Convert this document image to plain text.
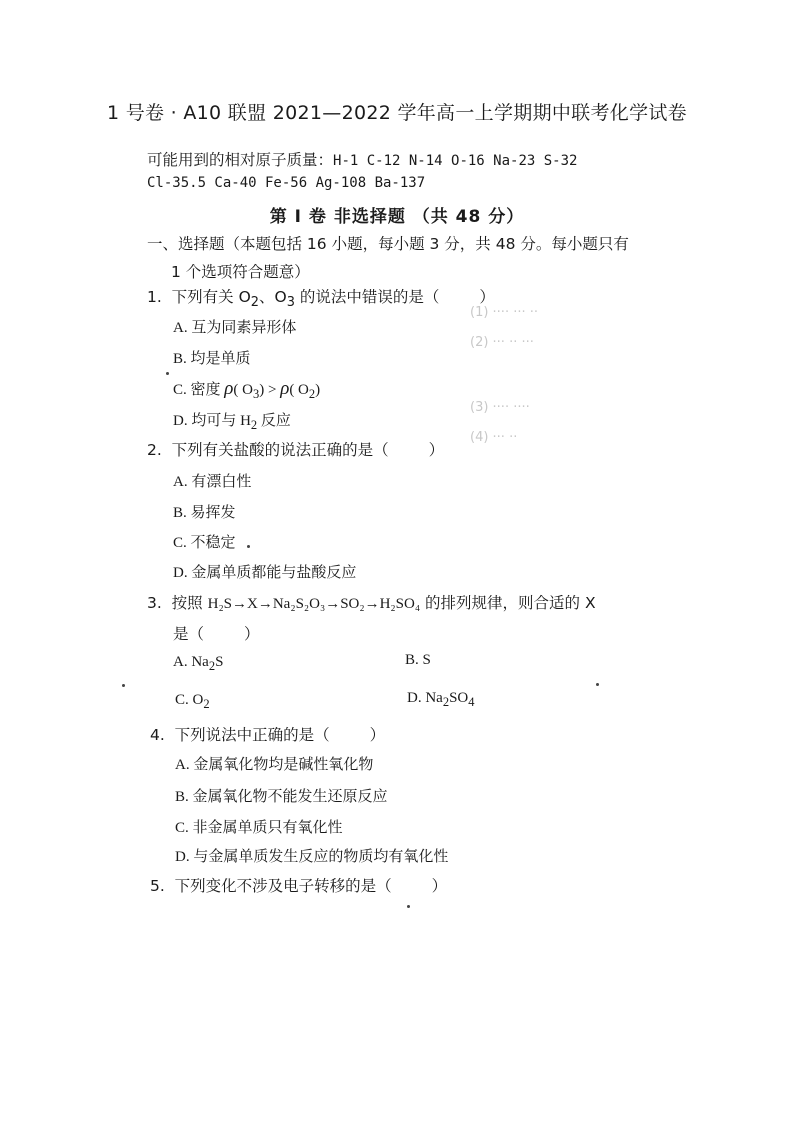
(1) ···· ··· ··
(2) ··· ·· ···
(3) ···· ····
(4) ··· ··
1 号卷 · A10 联盟 2021—2022 学年高一上学期期中联考化学试卷
可能用到的相对原子质量：H-1 C-12 N-14 O-16 Na-23 S-32
Cl-35.5 Ca-40 Fe-56 Ag-108 Ba-137
第 I 卷 非选择题 （共 48 分）
一、选择题（本题包括 16 小题，每小题 3 分，共 48 分。每小题只有
1 个选项符合题意）
1. 下列有关 $O_2$、$O_3$ 的说法中错误的是（	）
A. 互为同素异形体
B. 均是单质
C. 密度 ρ( $O_3) > \rho$( $O_2$)
D. 均可与 $H_2$ 反应
2. 下列有关盐酸的说法正确的是（	）
A. 有漂白性
B. 易挥发
C. 不稳定
D. 金属单质都能与盐酸反应
3. 按照 H₂S→X→Na₂S₂O₃→SO₂→H₂SO₄ 的排列规律，则合适的 X
是（	）
A. $Na_2S$	B. S
C. $O_2$	D. $Na_2SO_4$
4. 下列说法中正确的是（	）
A. 金属氧化物均是碱性氧化物
B. 金属氧化物不能发生还原反应
C. 非金属单质只有氧化性
D. 与金属单质发生反应的物质均有氧化性
5. 下列变化不涉及电子转移的是（	）
